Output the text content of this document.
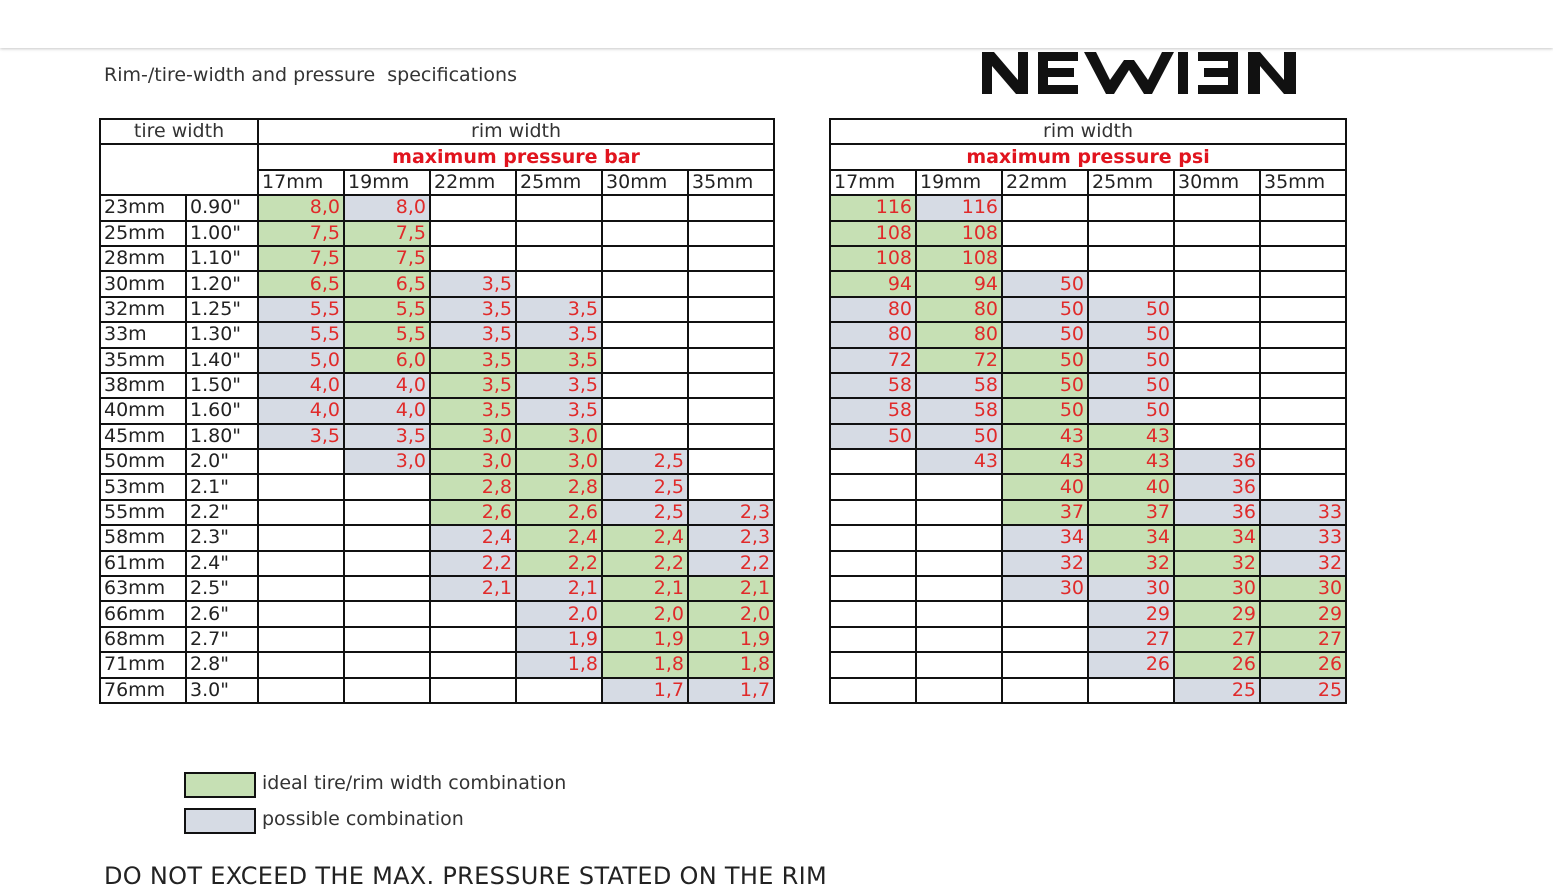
Rim-/tire-width and pressure  specifications
tire width		rim width					
		maximum pressure bar					
		17mm	19mm	22mm	25mm	30mm	35mm
23mm	0.90"	8,0	8,0				
25mm	1.00"	7,5	7,5				
28mm	1.10"	7,5	7,5				
30mm	1.20"	6,5	6,5	3,5			
32mm	1.25"	5,5	5,5	3,5	3,5		
33m	1.30"	5,5	5,5	3,5	3,5		
35mm	1.40"	5,0	6,0	3,5	3,5		
38mm	1.50"	4,0	4,0	3,5	3,5		
40mm	1.60"	4,0	4,0	3,5	3,5		
45mm	1.80"	3,5	3,5	3,0	3,0		
50mm	2.0"		3,0	3,0	3,0	2,5	
53mm	2.1"			2,8	2,8	2,5	
55mm	2.2"			2,6	2,6	2,5	2,3
58mm	2.3"			2,4	2,4	2,4	2,3
61mm	2.4"			2,2	2,2	2,2	2,2
63mm	2.5"			2,1	2,1	2,1	2,1
66mm	2.6"				2,0	2,0	2,0
68mm	2.7"				1,9	1,9	1,9
71mm	2.8"				1,8	1,8	1,8
76mm	3.0"					1,7	1,7
rim width					
maximum pressure psi					
17mm	19mm	22mm	25mm	30mm	35mm
116	116				
108	108				
108	108				
94	94	50			
80	80	50	50		
80	80	50	50		
72	72	50	50		
58	58	50	50		
58	58	50	50		
50	50	43	43		
	43	43	43	36	
		40	40	36	
		37	37	36	33
		34	34	34	33
		32	32	32	32
		30	30	30	30
			29	29	29
			27	27	27
			26	26	26
				25	25
ideal tire/rim width combination
possible combination
DO NOT EXCEED THE MAX. PRESSURE STATED ON THE RIM
